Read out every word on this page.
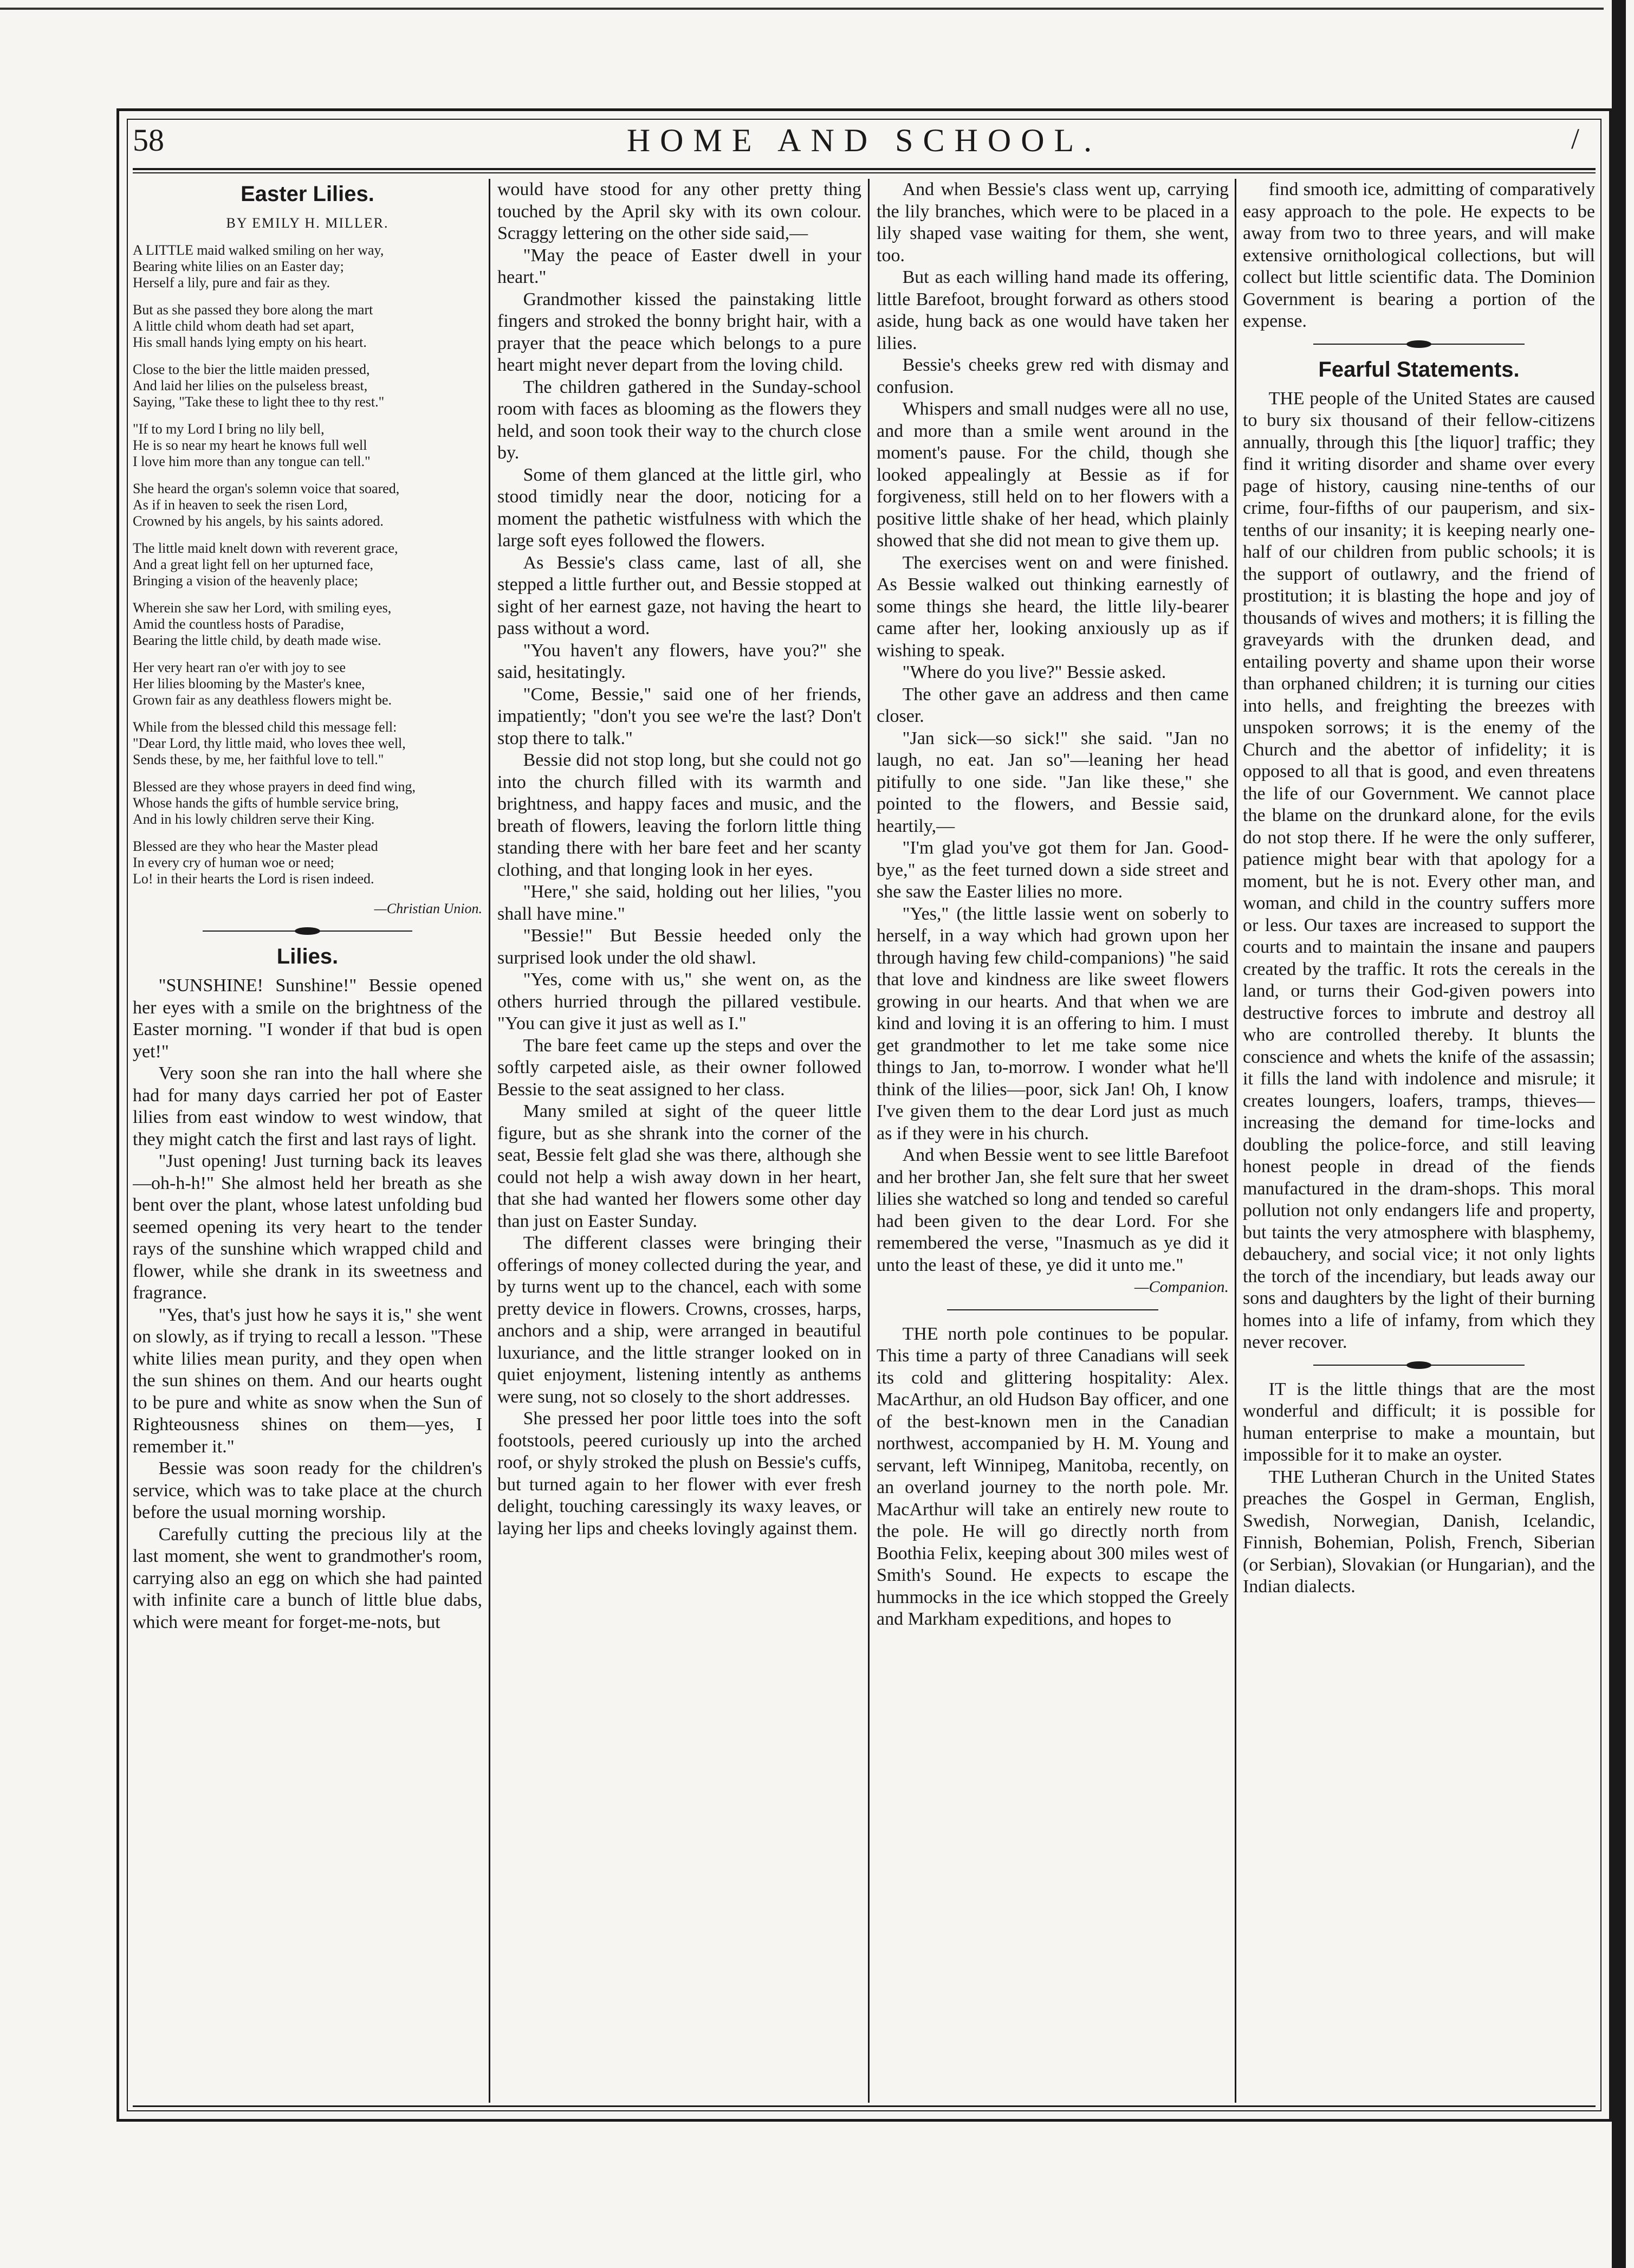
58	HOME AND SCHOOL.	/
Easter Lilies.
BY EMILY H. MILLER.
A LITTLE maid walked smiling on her way,
Bearing white lilies on an Easter day;
Herself a lily, pure and fair as they.
But as she passed they bore along the mart
A little child whom death had set apart,
His small hands lying empty on his heart.
Close to the bier the little maiden pressed,
And laid her lilies on the pulseless breast,
Saying, "Take these to light thee to thy rest."
"If to my Lord I bring no lily bell,
He is so near my heart he knows full well
I love him more than any tongue can tell."
She heard the organ's solemn voice that soared,
As if in heaven to seek the risen Lord,
Crowned by his angels, by his saints adored.
The little maid knelt down with reverent grace,
And a great light fell on her upturned face,
Bringing a vision of the heavenly place;
Wherein she saw her Lord, with smiling eyes,
Amid the countless hosts of Paradise,
Bearing the little child, by death made wise.
Her very heart ran o'er with joy to see
Her lilies blooming by the Master's knee,
Grown fair as any deathless flowers might be.
While from the blessed child this message fell:
"Dear Lord, thy little maid, who loves thee well,
Sends these, by me, her faithful love to tell."
Blessed are they whose prayers in deed find wing,
Whose hands the gifts of humble service bring,
And in his lowly children serve their King.
Blessed are they who hear the Master plead
In every cry of human woe or need;
Lo! in their hearts the Lord is risen indeed.
—Christian Union.
Lilies.

"SUNSHINE! Sunshine!" Bessie opened her eyes with a smile on the brightness of the Easter morning. "I wonder if that bud is open yet!"

Very soon she ran into the hall where she had for many days carried her pot of Easter lilies from east window to west window, that they might catch the first and last rays of light.

"Just opening! Just turning back its leaves—oh-h-h!" She almost held her breath as she bent over the plant, whose latest unfolding bud seemed opening its very heart to the tender rays of the sunshine which wrapped child and flower, while she drank in its sweetness and fragrance.

"Yes, that's just how he says it is," she went on slowly, as if trying to recall a lesson. "These white lilies mean purity, and they open when the sun shines on them. And our hearts ought to be pure and white as snow when the Sun of Righteousness shines on them—yes, I remember it."

Bessie was soon ready for the children's service, which was to take place at the church before the usual morning worship.

Carefully cutting the precious lily at the last moment, she went to grandmother's room, carrying also an egg on which she had painted with infinite care a bunch of little blue dabs, which were meant for forget-me-nots, but

would have stood for any other pretty thing touched by the April sky with its own colour. Scraggy lettering on the other side said,—

"May the peace of Easter dwell in your heart."

Grandmother kissed the painstaking little fingers and stroked the bonny bright hair, with a prayer that the peace which belongs to a pure heart might never depart from the loving child.

The children gathered in the Sunday-school room with faces as blooming as the flowers they held, and soon took their way to the church close by.

Some of them glanced at the little girl, who stood timidly near the door, noticing for a moment the pathetic wistfulness with which the large soft eyes followed the flowers.

As Bessie's class came, last of all, she stepped a little further out, and Bessie stopped at sight of her earnest gaze, not having the heart to pass without a word.

"You haven't any flowers, have you?" she said, hesitatingly.

"Come, Bessie," said one of her friends, impatiently; "don't you see we're the last? Don't stop there to talk."

Bessie did not stop long, but she could not go into the church filled with its warmth and brightness, and happy faces and music, and the breath of flowers, leaving the forlorn little thing standing there with her bare feet and her scanty clothing, and that longing look in her eyes.

"Here," she said, holding out her lilies, "you shall have mine."

"Bessie!" But Bessie heeded only the surprised look under the old shawl.

"Yes, come with us," she went on, as the others hurried through the pillared vestibule. "You can give it just as well as I."

The bare feet came up the steps and over the softly carpeted aisle, as their owner followed Bessie to the seat assigned to her class.

Many smiled at sight of the queer little figure, but as she shrank into the corner of the seat, Bessie felt glad she was there, although she could not help a wish away down in her heart, that she had wanted her flowers some other day than just on Easter Sunday.

The different classes were bringing their offerings of money collected during the year, and by turns went up to the chancel, each with some pretty device in flowers. Crowns, crosses, harps, anchors and a ship, were arranged in beautiful luxuriance, and the little stranger looked on in quiet enjoyment, listening intently as anthems were sung, not so closely to the short addresses.

She pressed her poor little toes into the soft footstools, peered curiously up into the arched roof, or shyly stroked the plush on Bessie's cuffs, but turned again to her flower with ever fresh delight, touching caressingly its waxy leaves, or laying her lips and cheeks lovingly against them.

And when Bessie's class went up, carrying the lily branches, which were to be placed in a lily shaped vase waiting for them, she went, too.

But as each willing hand made its offering, little Barefoot, brought forward as others stood aside, hung back as one would have taken her lilies.

Bessie's cheeks grew red with dismay and confusion.

Whispers and small nudges were all no use, and more than a smile went around in the moment's pause. For the child, though she looked appealingly at Bessie as if for forgiveness, still held on to her flowers with a positive little shake of her head, which plainly showed that she did not mean to give them up.

The exercises went on and were finished. As Bessie walked out thinking earnestly of some things she heard, the little lily-bearer came after her, looking anxiously up as if wishing to speak.

"Where do you live?" Bessie asked.

The other gave an address and then came closer.

"Jan sick—so sick!" she said. "Jan no laugh, no eat. Jan so"—leaning her head pitifully to one side. "Jan like these," she pointed to the flowers, and Bessie said, heartily,—

"I'm glad you've got them for Jan. Good-bye," as the feet turned down a side street and she saw the Easter lilies no more.

"Yes," (the little lassie went on soberly to herself, in a way which had grown upon her through having few child-companions) "he said that love and kindness are like sweet flowers growing in our hearts. And that when we are kind and loving it is an offering to him. I must get grandmother to let me take some nice things to Jan, to-morrow. I wonder what he'll think of the lilies—poor, sick Jan! Oh, I know I've given them to the dear Lord just as much as if they were in his church.

And when Bessie went to see little Barefoot and her brother Jan, she felt sure that her sweet lilies she watched so long and tended so careful had been given to the dear Lord. For she remembered the verse, "Inasmuch as ye did it unto the least of these, ye did it unto me."

—Companion.

THE north pole continues to be popular. This time a party of three Canadians will seek its cold and glittering hospitality: Alex. MacArthur, an old Hudson Bay officer, and one of the best-known men in the Canadian northwest, accompanied by H. M. Young and servant, left Winnipeg, Manitoba, recently, on an overland journey to the north pole. Mr. MacArthur will take an entirely new route to the pole. He will go directly north from Boothia Felix, keeping about 300 miles west of Smith's Sound. He expects to escape the hummocks in the ice which stopped the Greely and Markham expeditions, and hopes to

find smooth ice, admitting of comparatively easy approach to the pole. He expects to be away from two to three years, and will make extensive ornithological collections, but will collect but little scientific data. The Dominion Government is bearing a portion of the expense.

Fearful Statements.

THE people of the United States are caused to bury six thousand of their fellow-citizens annually, through this [the liquor] traffic; they find it writing disorder and shame over every page of history, causing nine-tenths of our crime, four-fifths of our pauperism, and six-tenths of our insanity; it is keeping nearly one-half of our children from public schools; it is the support of outlawry, and the friend of prostitution; it is blasting the hope and joy of thousands of wives and mothers; it is filling the graveyards with the drunken dead, and entailing poverty and shame upon their worse than orphaned children; it is turning our cities into hells, and freighting the breezes with unspoken sorrows; it is the enemy of the Church and the abettor of infidelity; it is opposed to all that is good, and even threatens the life of our Government. We cannot place the blame on the drunkard alone, for the evils do not stop there. If he were the only sufferer, patience might bear with that apology for a moment, but he is not. Every other man, and woman, and child in the country suffers more or less. Our taxes are increased to support the courts and to maintain the insane and paupers created by the traffic. It rots the cereals in the land, or turns their God-given powers into destructive forces to imbrute and destroy all who are controlled thereby. It blunts the conscience and whets the knife of the assassin; it fills the land with indolence and misrule; it creates loungers, loafers, tramps, thieves—increasing the demand for time-locks and doubling the police-force, and still leaving honest people in dread of the fiends manufactured in the dram-shops. This moral pollution not only endangers life and property, but taints the very atmosphere with blasphemy, debauchery, and social vice; it not only lights the torch of the incendiary, but leads away our sons and daughters by the light of their burning homes into a life of infamy, from which they never recover.

IT is the little things that are the most wonderful and difficult; it is possible for human enterprise to make a mountain, but impossible for it to make an oyster.

THE Lutheran Church in the United States preaches the Gospel in German, English, Swedish, Norwegian, Danish, Icelandic, Finnish, Bohemian, Polish, French, Siberian (or Serbian), Slovakian (or Hungarian), and the Indian dialects.
